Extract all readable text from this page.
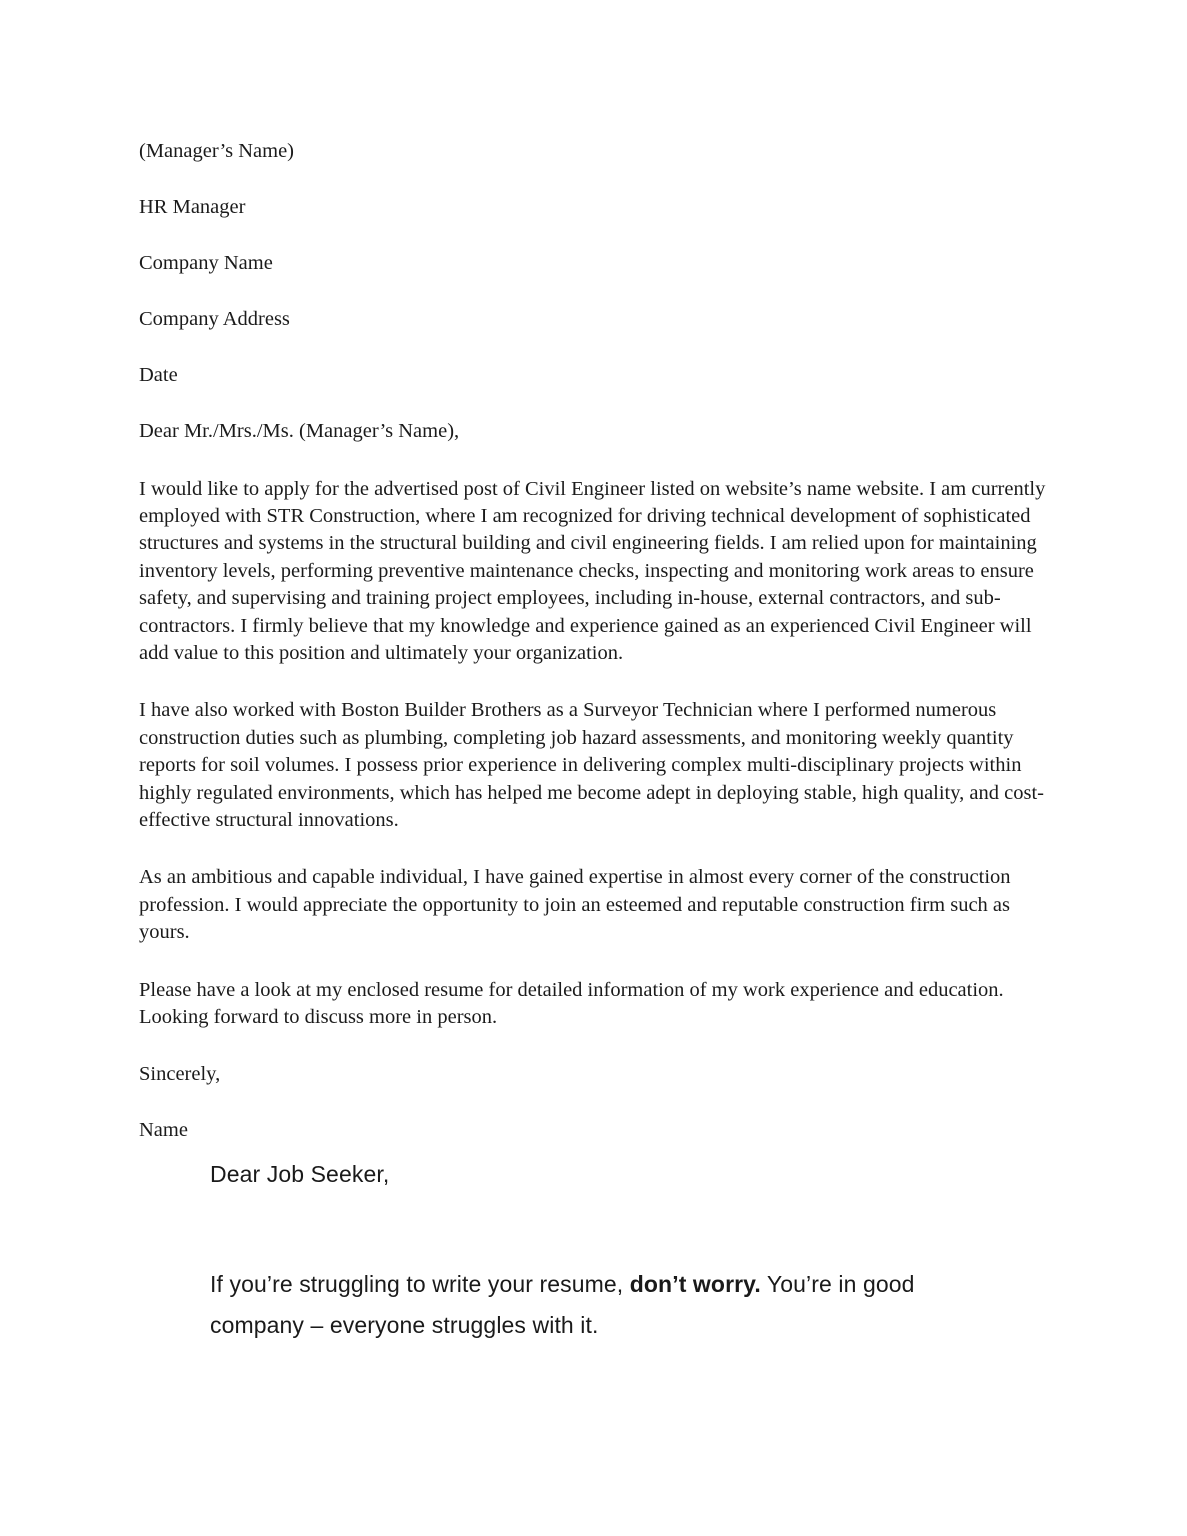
(Manager’s Name)

HR Manager

Company Name

Company Address

Date

Dear Mr./Mrs./Ms. (Manager’s Name),

I would like to apply for the advertised post of Civil Engineer listed on website’s name website. I am currently employed with STR Construction, where I am recognized for driving technical development of sophisticated structures and systems in the structural building and civil engineering fields. I am relied upon for maintaining inventory levels, performing preventive maintenance checks, inspecting and monitoring work areas to ensure safety, and supervising and training project employees, including in-house, external contractors, and sub-contractors. I firmly believe that my knowledge and experience gained as an experienced Civil Engineer will add value to this position and ultimately your organization.

I have also worked with Boston Builder Brothers as a Surveyor Technician where I performed numerous construction duties such as plumbing, completing job hazard assessments, and monitoring weekly quantity reports for soil volumes. I possess prior experience in delivering complex multi-disciplinary projects within highly regulated environments, which has helped me become adept in deploying stable, high quality, and cost-effective structural innovations.

As an ambitious and capable individual, I have gained expertise in almost every corner of the construction profession. I would appreciate the opportunity to join an esteemed and reputable construction firm such as yours.

Please have a look at my enclosed resume for detailed information of my work experience and education. Looking forward to discuss more in person.

Sincerely,

Name

Dear Job Seeker,

If you’re struggling to write your resume, don’t worry. You’re in good company – everyone struggles with it.
